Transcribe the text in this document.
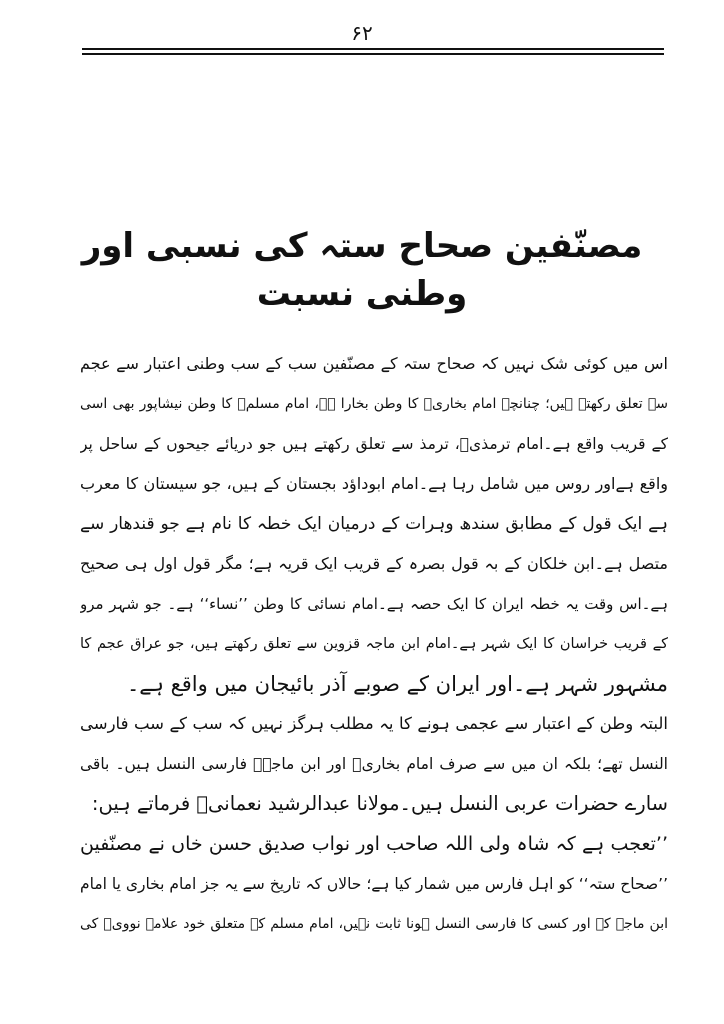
۶۲
مصنّفین صحاح ستہ کی نسبی اور وطنی نسبت
اس میں کوئی شک نہیں کہ صحاح ستہ کے مصنّفین سب کے سب وطنی اعتبار سے عجم
سے تعلق رکھتے ہیں؛ چنانچہ امام بخاریؒ کا وطن بخارا ہے، امام مسلمؒ کا وطن نیشاپور بھی اسی
کے قریب واقع ہے۔امام ترمذیؒ، ترمذ سے تعلق رکھتے ہیں جو دریائے جیحوں کے ساحل پر
واقع ہےاور روس میں شامل رہا ہے۔امام ابوداؤد بجستان کے ہیں، جو سیستان کا معرب
ہے ایک قول کے مطابق سندھ وہرات کے درمیان ایک خطہ کا نام ہے جو قندھار سے
متصل ہے۔ابن خلکان کے بہ قول بصرہ کے قریب ایک قریہ ہے؛ مگر قول اول ہی صحیح
ہے۔اس وقت یہ خطہ ایران کا ایک حصہ ہے۔امام نسائی کا وطن ’’نساء‘‘ ہے۔ جو شہر مرو
کے قریب خراسان کا ایک شہر ہے۔امام ابن ماجہ قزوین سے تعلق رکھتے ہیں، جو عراق عجم کا
مشہور شہر ہے۔اور ایران کے صوبے آذر بائیجان میں واقع ہے۔
البتہ وطن کے اعتبار سے عجمی ہونے کا یہ مطلب ہرگز نہیں کہ سب کے سب فارسی
النسل تھے؛ بلکہ ان میں سے صرف امام بخاریؒ اور ابن ماجہؒ فارسی النسل ہیں۔ باقی
سارے حضرات عربی النسل ہیں۔مولانا عبدالرشید نعمانیؒ فرماتے ہیں:
’’تعجب ہے کہ شاہ ولی اللہ صاحب اور نواب صدیق حسن خاں نے مصنّفین
’’صحاح ستہ‘‘ کو اہل فارس میں شمار کیا ہے؛ حالاں کہ تاریخ سے یہ جز امام بخاری یا امام
ابن ماجہ کے اور کسی کا فارسی النسل ہونا ثابت نہیں، امام مسلم کے متعلق خود علامہ نوویؒ کی
